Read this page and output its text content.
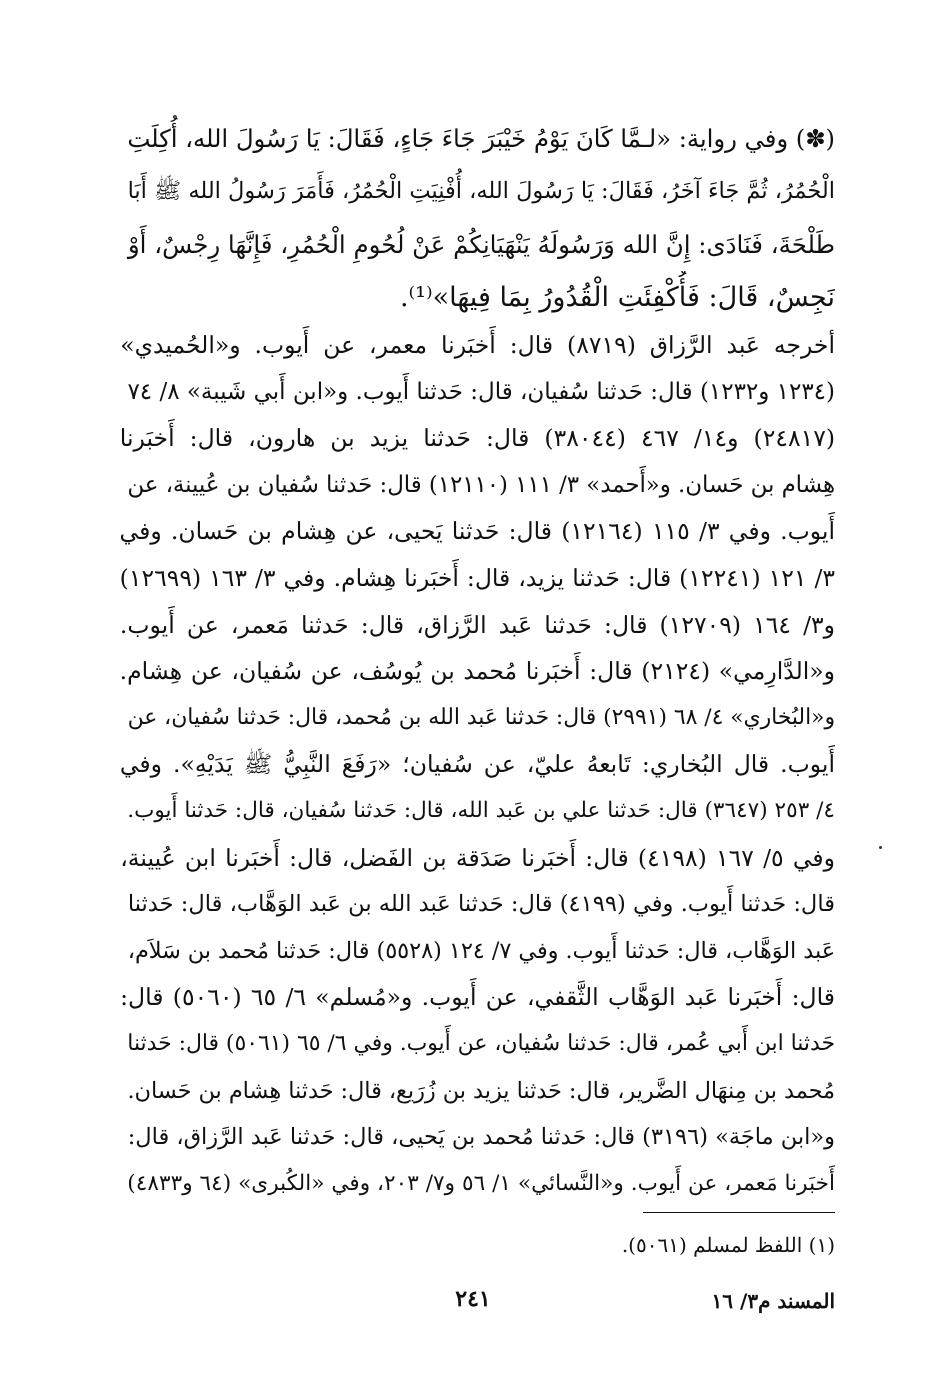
(✽) وفي رواية: «لـمَّا كَانَ يَوْمُ خَيْبَرَ جَاءَ جَاءٍ، فَقَالَ: يَا رَسُولَ الله، أُكِلَتِ
الْحُمُرُ، ثُمَّ جَاءَ آخَرُ، فَقَالَ: يَا رَسُولَ الله، أُفْنِيَتِ الْحُمُرُ، فَأَمَرَ رَسُولُ الله ﷺ أَبَا
طَلْحَةَ، فَنَادَى: إِنَّ الله وَرَسُولَهُ يَنْهَيَانِكُمْ عَنْ لُحُومِ الْحُمُرِ، فَإِنَّهَا رِجْسٌ، أَوْ
نَجِسٌ، قَالَ: فَأُكْفِئَتِ الْقُدُورُ بِمَا فِيهَا»⁽¹⁾.
أخرجه عَبد الرَّزاق (٨٧١٩) قال: أَخبَرنا معمر، عن أَيوب. و«الحُميدي»
(١٢٣٤ و١٢٣٢) قال: حَدثنا سُفيان، قال: حَدثنا أَيوب. و«ابن أَبي شَيبة» ٨/ ٧٤
(٢٤٨١٧) و١٤/ ٤٦٧ (٣٨٠٤٤) قال: حَدثنا يزيد بن هارون، قال: أَخبَرنا
هِشام بن حَسان. و«أَحمد» ٣/ ١١١ (١٢١١٠) قال: حَدثنا سُفيان بن عُيينة، عن
أَيوب. وفي ٣/ ١١٥ (١٢١٦٤) قال: حَدثنا يَحيى، عن هِشام بن حَسان. وفي
٣/ ١٢١ (١٢٢٤١) قال: حَدثنا يزيد، قال: أَخبَرنا هِشام. وفي ٣/ ١٦٣ (١٢٦٩٩)
و٣/ ١٦٤ (١٢٧٠٩) قال: حَدثنا عَبد الرَّزاق، قال: حَدثنا مَعمر، عن أَيوب.
و«الدَّارِمي» (٢١٢٤) قال: أَخبَرنا مُحمد بن يُوسُف، عن سُفيان، عن هِشام.
و«البُخاري» ٤/ ٦٨ (٢٩٩١) قال: حَدثنا عَبد الله بن مُحمد، قال: حَدثنا سُفيان، عن
أَيوب. قال البُخاري: تَابعهُ عليّ، عن سُفيان؛ «رَفَعَ النَّبِيُّ ﷺ يَدَيْهِ». وفي
٤/ ٢٥٣ (٣٦٤٧) قال: حَدثنا علي بن عَبد الله، قال: حَدثنا سُفيان، قال: حَدثنا أَيوب.
وفي ٥/ ١٦٧ (٤١٩٨) قال: أَخبَرنا صَدَقة بن الفَضل، قال: أَخبَرنا ابن عُيينة،
قال: حَدثنا أَيوب. وفي (٤١٩٩) قال: حَدثنا عَبد الله بن عَبد الوَهَّاب، قال: حَدثنا
عَبد الوَهَّاب، قال: حَدثنا أَيوب. وفي ٧/ ١٢٤ (٥٥٢٨) قال: حَدثنا مُحمد بن سَلاَم،
قال: أَخبَرنا عَبد الوَهَّاب الثَّقفي، عن أَيوب. و«مُسلم» ٦/ ٦٥ (٥٠٦٠) قال:
حَدثنا ابن أَبي عُمر، قال: حَدثنا سُفيان، عن أَيوب. وفي ٦/ ٦٥ (٥٠٦١) قال: حَدثنا
مُحمد بن مِنهَال الضَّرير، قال: حَدثنا يزيد بن زُرَيع، قال: حَدثنا هِشام بن حَسان.
و«ابن ماجَة» (٣١٩٦) قال: حَدثنا مُحمد بن يَحيى، قال: حَدثنا عَبد الرَّزاق، قال:
أَخبَرنا مَعمر، عن أَيوب. و«النَّسائي» ١/ ٥٦ و٧/ ٢٠٣، وفي «الكُبرى» (٦٤ و٤٨٣٣)
(١) اللفظ لمسلم (٥٠٦١).
٢٤١	المسند م٣/ ١٦
